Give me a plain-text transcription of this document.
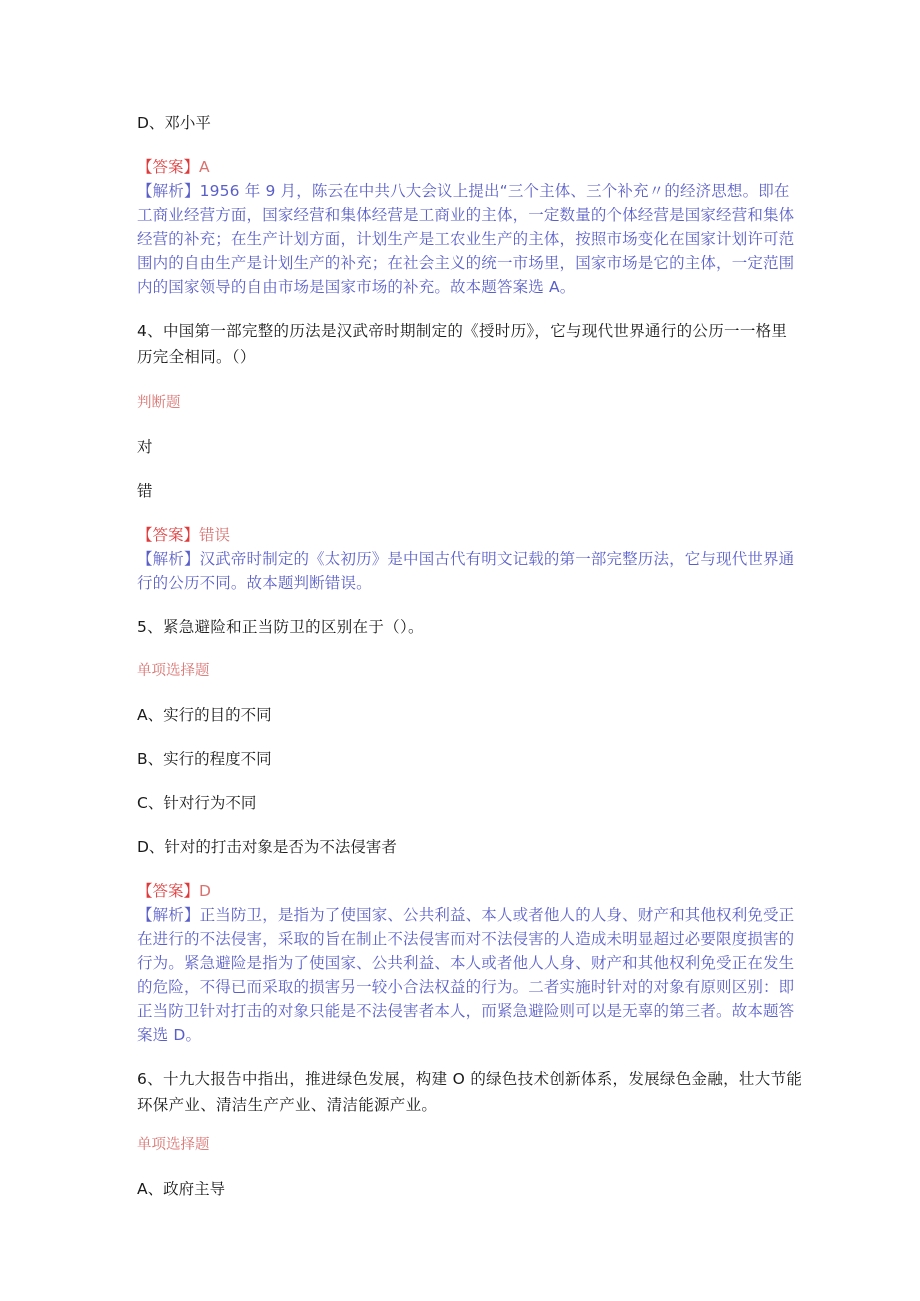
D、邓小平
【答案】A
【解析】1956 年 9 月，陈云在中共八大会议上提出“三个主体、三个补充〃的经济思想。即在
工商业经营方面，国家经营和集体经营是工商业的主体，一定数量的个体经营是国家经营和集体
经营的补充；在生产计划方面，计划生产是工农业生产的主体，按照市场变化在国家计划许可范
围内的自由生产是计划生产的补充；在社会主义的统一市场里，国家市场是它的主体，一定范围
内的国家领导的自由市场是国家市场的补充。故本题答案选 A。
4、中国第一部完整的历法是汉武帝时期制定的《授时历》，它与现代世界通行的公历一一格里
历完全相同。（）
判断题
对
错
【答案】错误
【解析】汉武帝时制定的《太初历》是中国古代有明文记载的第一部完整历法，它与现代世界通
行的公历不同。故本题判断错误。
5、紧急避险和正当防卫的区别在于（）。
单项选择题
A、实行的目的不同
B、实行的程度不同
C、针对行为不同
D、针对的打击对象是否为不法侵害者
【答案】D
【解析】正当防卫，是指为了使国家、公共利益、本人或者他人的人身、财产和其他权利免受正
在进行的不法侵害，采取的旨在制止不法侵害而对不法侵害的人造成未明显超过必要限度损害的
行为。紧急避险是指为了使国家、公共利益、本人或者他人人身、财产和其他权利免受正在发生
的危险，不得已而采取的损害另一较小合法权益的行为。二者实施时针对的对象有原则区别：即
正当防卫针对打击的对象只能是不法侵害者本人，而紧急避险则可以是无辜的第三者。故本题答
案选 D。
6、十九大报告中指出，推进绿色发展，构建 O 的绿色技术创新体系，发展绿色金融，壮大节能
环保产业、清洁生产产业、清洁能源产业。
单项选择题
A、政府主导
